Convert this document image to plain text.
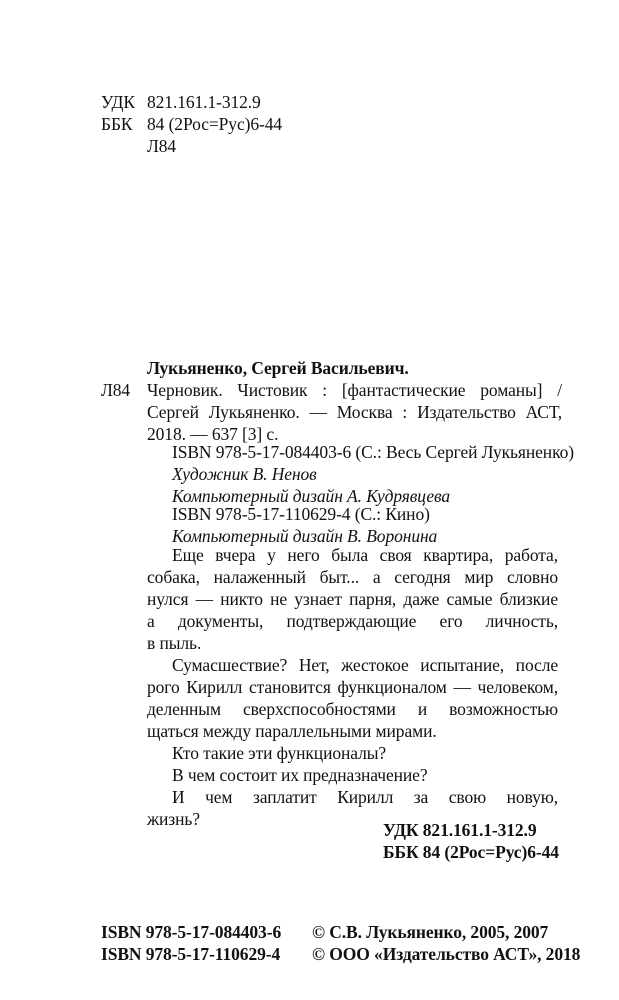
УДК 821.161.1-312.9
ББК 84 (2Рос=Рус)6-44
Л84
Лукьяненко, Сергей Васильевич.
Л84 Черновик. Чистовик : [фантастические романы] /
Сергей Лукьяненко. — Москва : Издательство АСТ,
2018. — 637 [3] с.
ISBN 978-5-17-084403-6 (С.: Весь Сергей Лукьяненко)
Художник В. Ненов
Компьютерный дизайн А. Кудрявцева
ISBN 978-5-17-110629-4 (С.: Кино)
Компьютерный дизайн В. Воронина
Еще вчера у него была своя квартира, работа,
собака, налаженный быт... а сегодня мир словно
нулся — никто не узнает парня, даже самые близкие
а документы, подтверждающие его личность,
в пыль.
Сумасшествие? Нет, жестокое испытание, после
рого Кирилл становится функционалом — человеком,
деленным сверхспособностями и возможностью
щаться между параллельными мирами.
Кто такие эти функционалы?
В чем состоит их предназначение?
И чем заплатит Кирилл за свою новую,
жизнь?
УДК 821.161.1-312.9
ББК 84 (2Рос=Рус)6-44
ISBN 978-5-17-084403-6
ISBN 978-5-17-110629-4
© С.В. Лукьяненко, 2005, 2007
© ООО «Издательство АСТ», 2018
